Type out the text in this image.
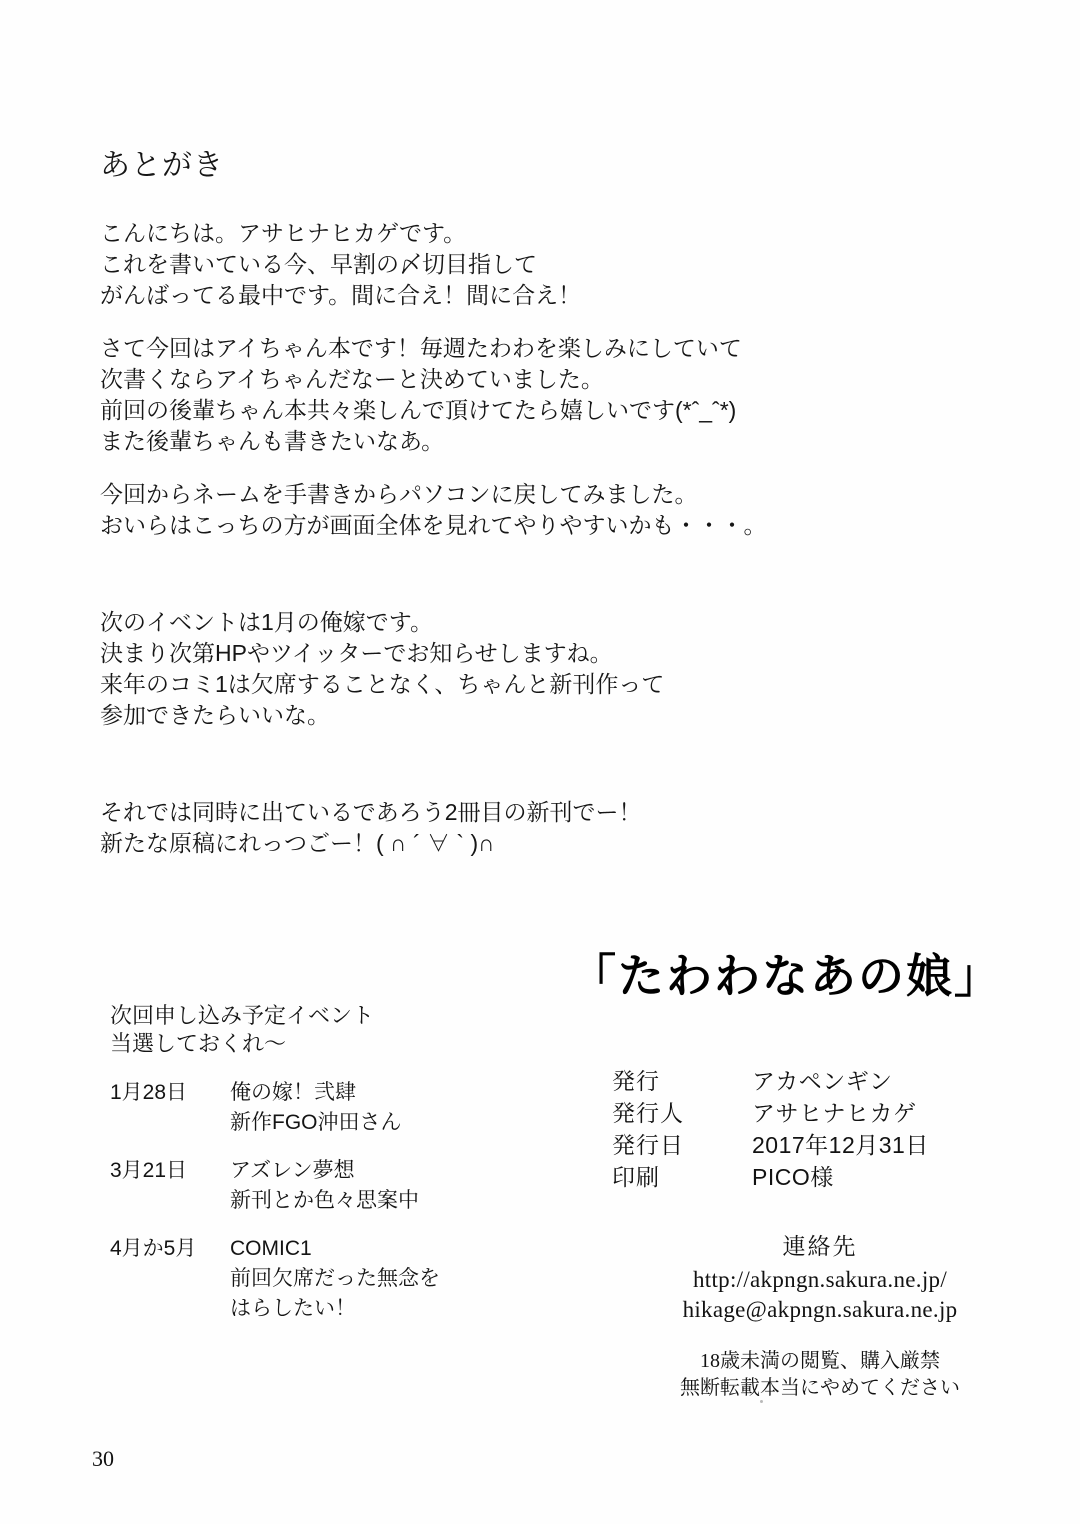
あとがき

こんにちは。アサヒナヒカゲです。
これを書いている今、早割の〆切目指して
がんばってる最中です。間に合え！間に合え！

さて今回はアイちゃん本です！毎週たわわを楽しみにしていて
次書くならアイちゃんだなーと決めていました。
前回の後輩ちゃん本共々楽しんで頂けてたら嬉しいです(*ˆ_ˆ*)
また後輩ちゃんも書きたいなあ。

今回からネームを手書きからパソコンに戻してみました。
おいらはこっちの方が画面全体を見れてやりやすいかも・・・。

次のイベントは1月の俺嫁です。
決まり次第HPやツイッターでお知らせしますね。
来年のコミ1は欠席することなく、ちゃんと新刊作って
参加できたらいいな。

それでは同時に出ているであろう2冊目の新刊でー！
新たな原稿にれっつごー！( ∩ ´ ∀ ` )∩

「たわわなあの娘」
次回申し込み予定イベント
当選しておくれ～
1月28日	俺の嫁！弐肆
新作FGO沖田さん
3月21日	アズレン夢想
新刊とか色々思案中
4月か5月	COMIC1
前回欠席だった無念を
はらしたい！
発行	アカペンギン
発行人	アサヒナヒカゲ
発行日	2017年12月31日
印刷	PICO様
連絡先
http://akpngn.sakura.ne.jp/
hikage@akpngn.sakura.ne.jp
18歳未満の閲覧、購入厳禁
無断転載本当にやめてください
30
